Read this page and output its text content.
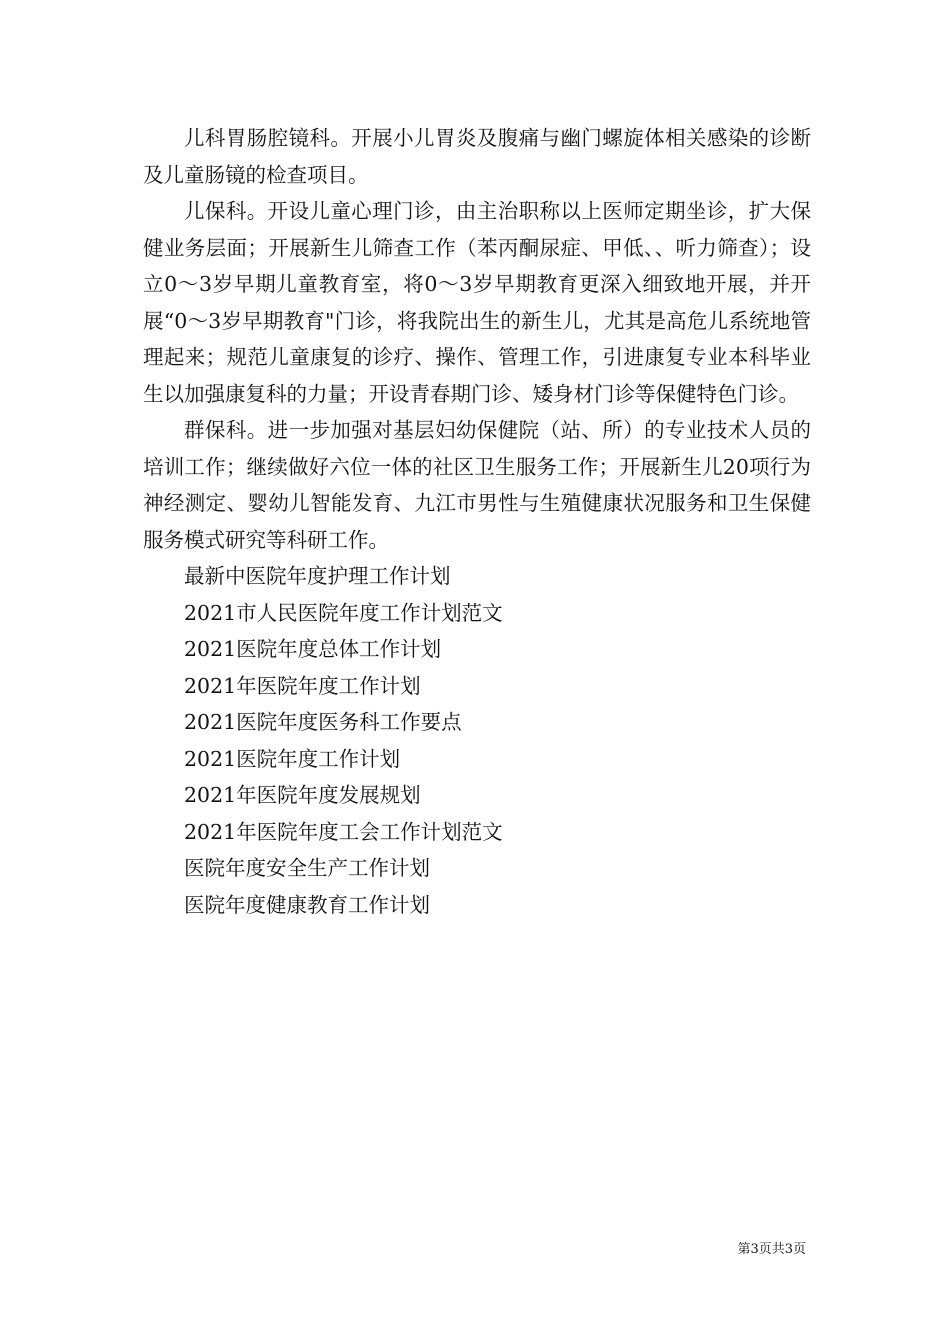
儿科胃肠腔镜科。开展小儿胃炎及腹痛与幽门螺旋体相关感染的诊断及儿童肠镜的检查项目。

儿保科。开设儿童心理门诊，由主治职称以上医师定期坐诊，扩大保健业务层面；开展新生儿筛查工作（苯丙酮尿症、甲低、、听力筛查）；设立0～3岁早期儿童教育室，将0～3岁早期教育更深入细致地开展，并开展“0～3岁早期教育"门诊，将我院出生的新生儿，尤其是高危儿系统地管理起来；规范儿童康复的诊疗、操作、管理工作，引进康复专业本科毕业生以加强康复科的力量；开设青春期门诊、矮身材门诊等保健特色门诊。

群保科。进一步加强对基层妇幼保健院（站、所）的专业技术人员的培训工作；继续做好六位一体的社区卫生服务工作；开展新生儿20项行为神经测定、婴幼儿智能发育、九江市男性与生殖健康状况服务和卫生保健服务模式研究等科研工作。

最新中医院年度护理工作计划
2021市人民医院年度工作计划范文
2021医院年度总体工作计划
2021年医院年度工作计划
2021医院年度医务科工作要点
2021医院年度工作计划
2021年医院年度发展规划
2021年医院年度工会工作计划范文
医院年度安全生产工作计划
医院年度健康教育工作计划
第3页共3页
